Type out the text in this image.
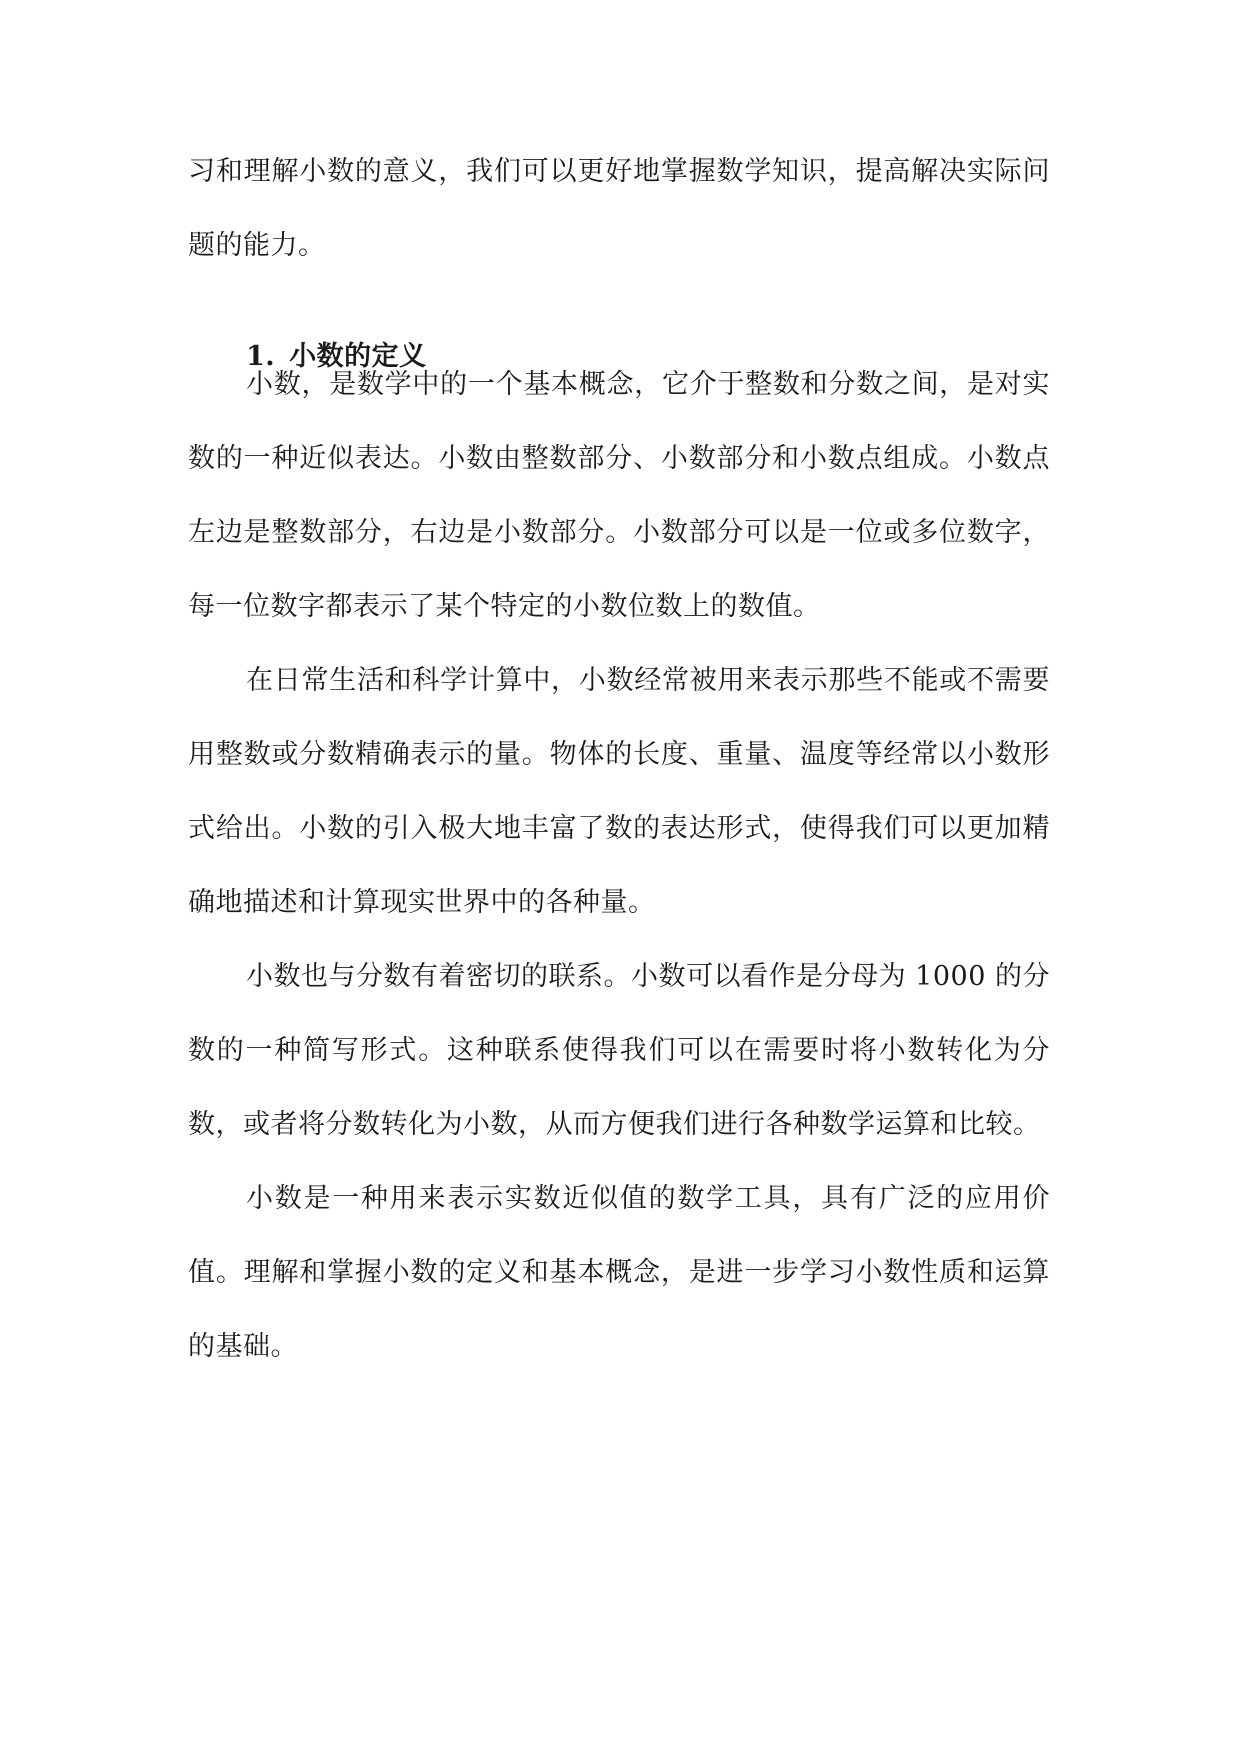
习和理解小数的意义，我们可以更好地掌握数学知识，提高解决实际问题的能力。

1. 小数的定义

小数，是数学中的一个基本概念，它介于整数和分数之间，是对实数的一种近似表达。小数由整数部分、小数部分和小数点组成。小数点左边是整数部分，右边是小数部分。小数部分可以是一位或多位数字，每一位数字都表示了某个特定的小数位数上的数值。

在日常生活和科学计算中，小数经常被用来表示那些不能或不需要用整数或分数精确表示的量。物体的长度、重量、温度等经常以小数形式给出。小数的引入极大地丰富了数的表达形式，使得我们可以更加精确地描述和计算现实世界中的各种量。

小数也与分数有着密切的联系。小数可以看作是分母为 1000 的分数的一种简写形式。这种联系使得我们可以在需要时将小数转化为分数，或者将分数转化为小数，从而方便我们进行各种数学运算和比较。

小数是一种用来表示实数近似值的数学工具，具有广泛的应用价值。理解和掌握小数的定义和基本概念，是进一步学习小数性质和运算的基础。
